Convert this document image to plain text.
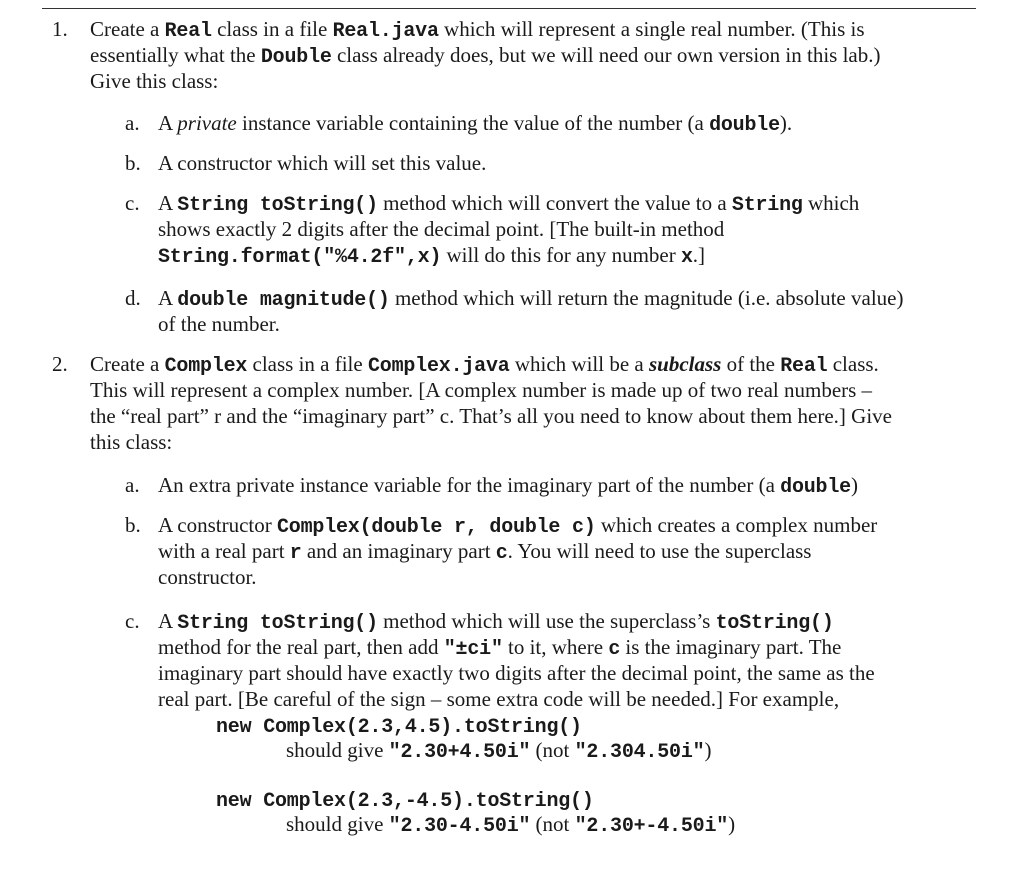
1. Create a Real class in a file Real.java which will represent a single real number. (This is
essentially what the Double class already does, but we will need our own version in this lab.)
Give this class:
a. A private instance variable containing the value of the number (a double).
b. A constructor which will set this value.
c. A String toString() method which will convert the value to a String which
shows exactly 2 digits after the decimal point. [The built-in method
String.format("%4.2f",x) will do this for any number x.]
d. A double magnitude() method which will return the magnitude (i.e. absolute value)
of the number.
2. Create a Complex class in a file Complex.java which will be a subclass of the Real class.
This will represent a complex number. [A complex number is made up of two real numbers –
the “real part” r and the “imaginary part” c. That’s all you need to know about them here.] Give
this class:
a. An extra private instance variable for the imaginary part of the number (a double)
b. A constructor Complex(double r, double c) which creates a complex number
with a real part r and an imaginary part c. You will need to use the superclass
constructor.
c. A String toString() method which will use the superclass’s toString()
method for the real part, then add "±ci" to it, where c is the imaginary part. The
imaginary part should have exactly two digits after the decimal point, the same as the
real part. [Be careful of the sign – some extra code will be needed.] For example,
new Complex(2.3,4.5).toString()
should give "2.30+4.50i" (not "2.304.50i")
new Complex(2.3,-4.5).toString()
should give "2.30-4.50i" (not "2.30+-4.50i")
